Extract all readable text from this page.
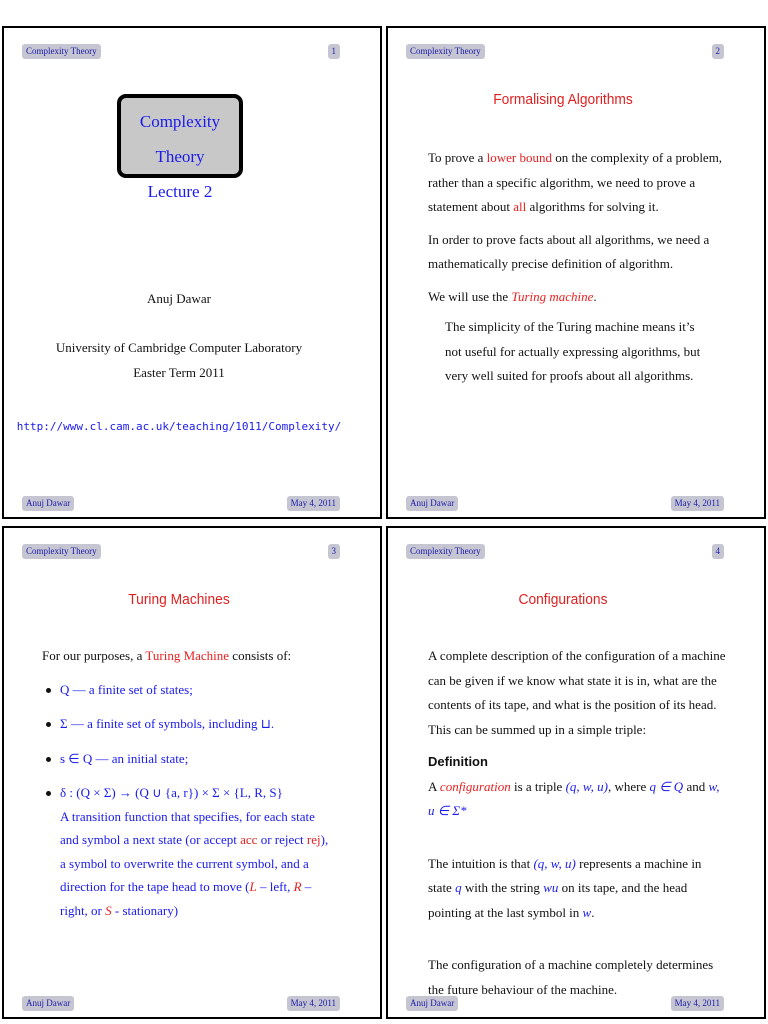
Complexity Theory	1
Complexity Theory
Lecture 2
Anuj Dawar
University of Cambridge Computer Laboratory
Easter Term 2011
http://www.cl.cam.ac.uk/teaching/1011/Complexity/
Anuj Dawar	May 4, 2011
Complexity Theory	2
Formalising Algorithms

To prove a lower bound on the complexity of a problem, rather than a specific algorithm, we need to prove a statement about all algorithms for solving it.

In order to prove facts about all algorithms, we need a mathematically precise definition of algorithm.

We will use the Turing machine.

The simplicity of the Turing machine means it’s not useful for actually expressing algorithms, but very well suited for proofs about all algorithms.

Anuj Dawar	May 4, 2011
Complexity Theory	3
Turing Machines

For our purposes, a Turing Machine consists of:

Q — a finite set of states;
Σ — a finite set of symbols, including ⊔.
s ∈ Q — an initial state;
δ : (Q × Σ) → (Q ∪ {a, r}) × Σ × {L, R, S}
A transition function that specifies, for each state and symbol a next state (or accept acc or reject rej), a symbol to overwrite the current symbol, and a direction for the tape head to move (L – left, R – right, or S - stationary)
Anuj Dawar	May 4, 2011
Complexity Theory	4
Configurations

A complete description of the configuration of a machine can be given if we know what state it is in, what are the contents of its tape, and what is the position of its head. This can be summed up in a simple triple:

Definition

A configuration is a triple (q, w, u), where q ∈ Q and w, u ∈ Σ*

The intuition is that (q, w, u) represents a machine in state q with the string wu on its tape, and the head pointing at the last symbol in w.

The configuration of a machine completely determines the future behaviour of the machine.

Anuj Dawar	May 4, 2011
